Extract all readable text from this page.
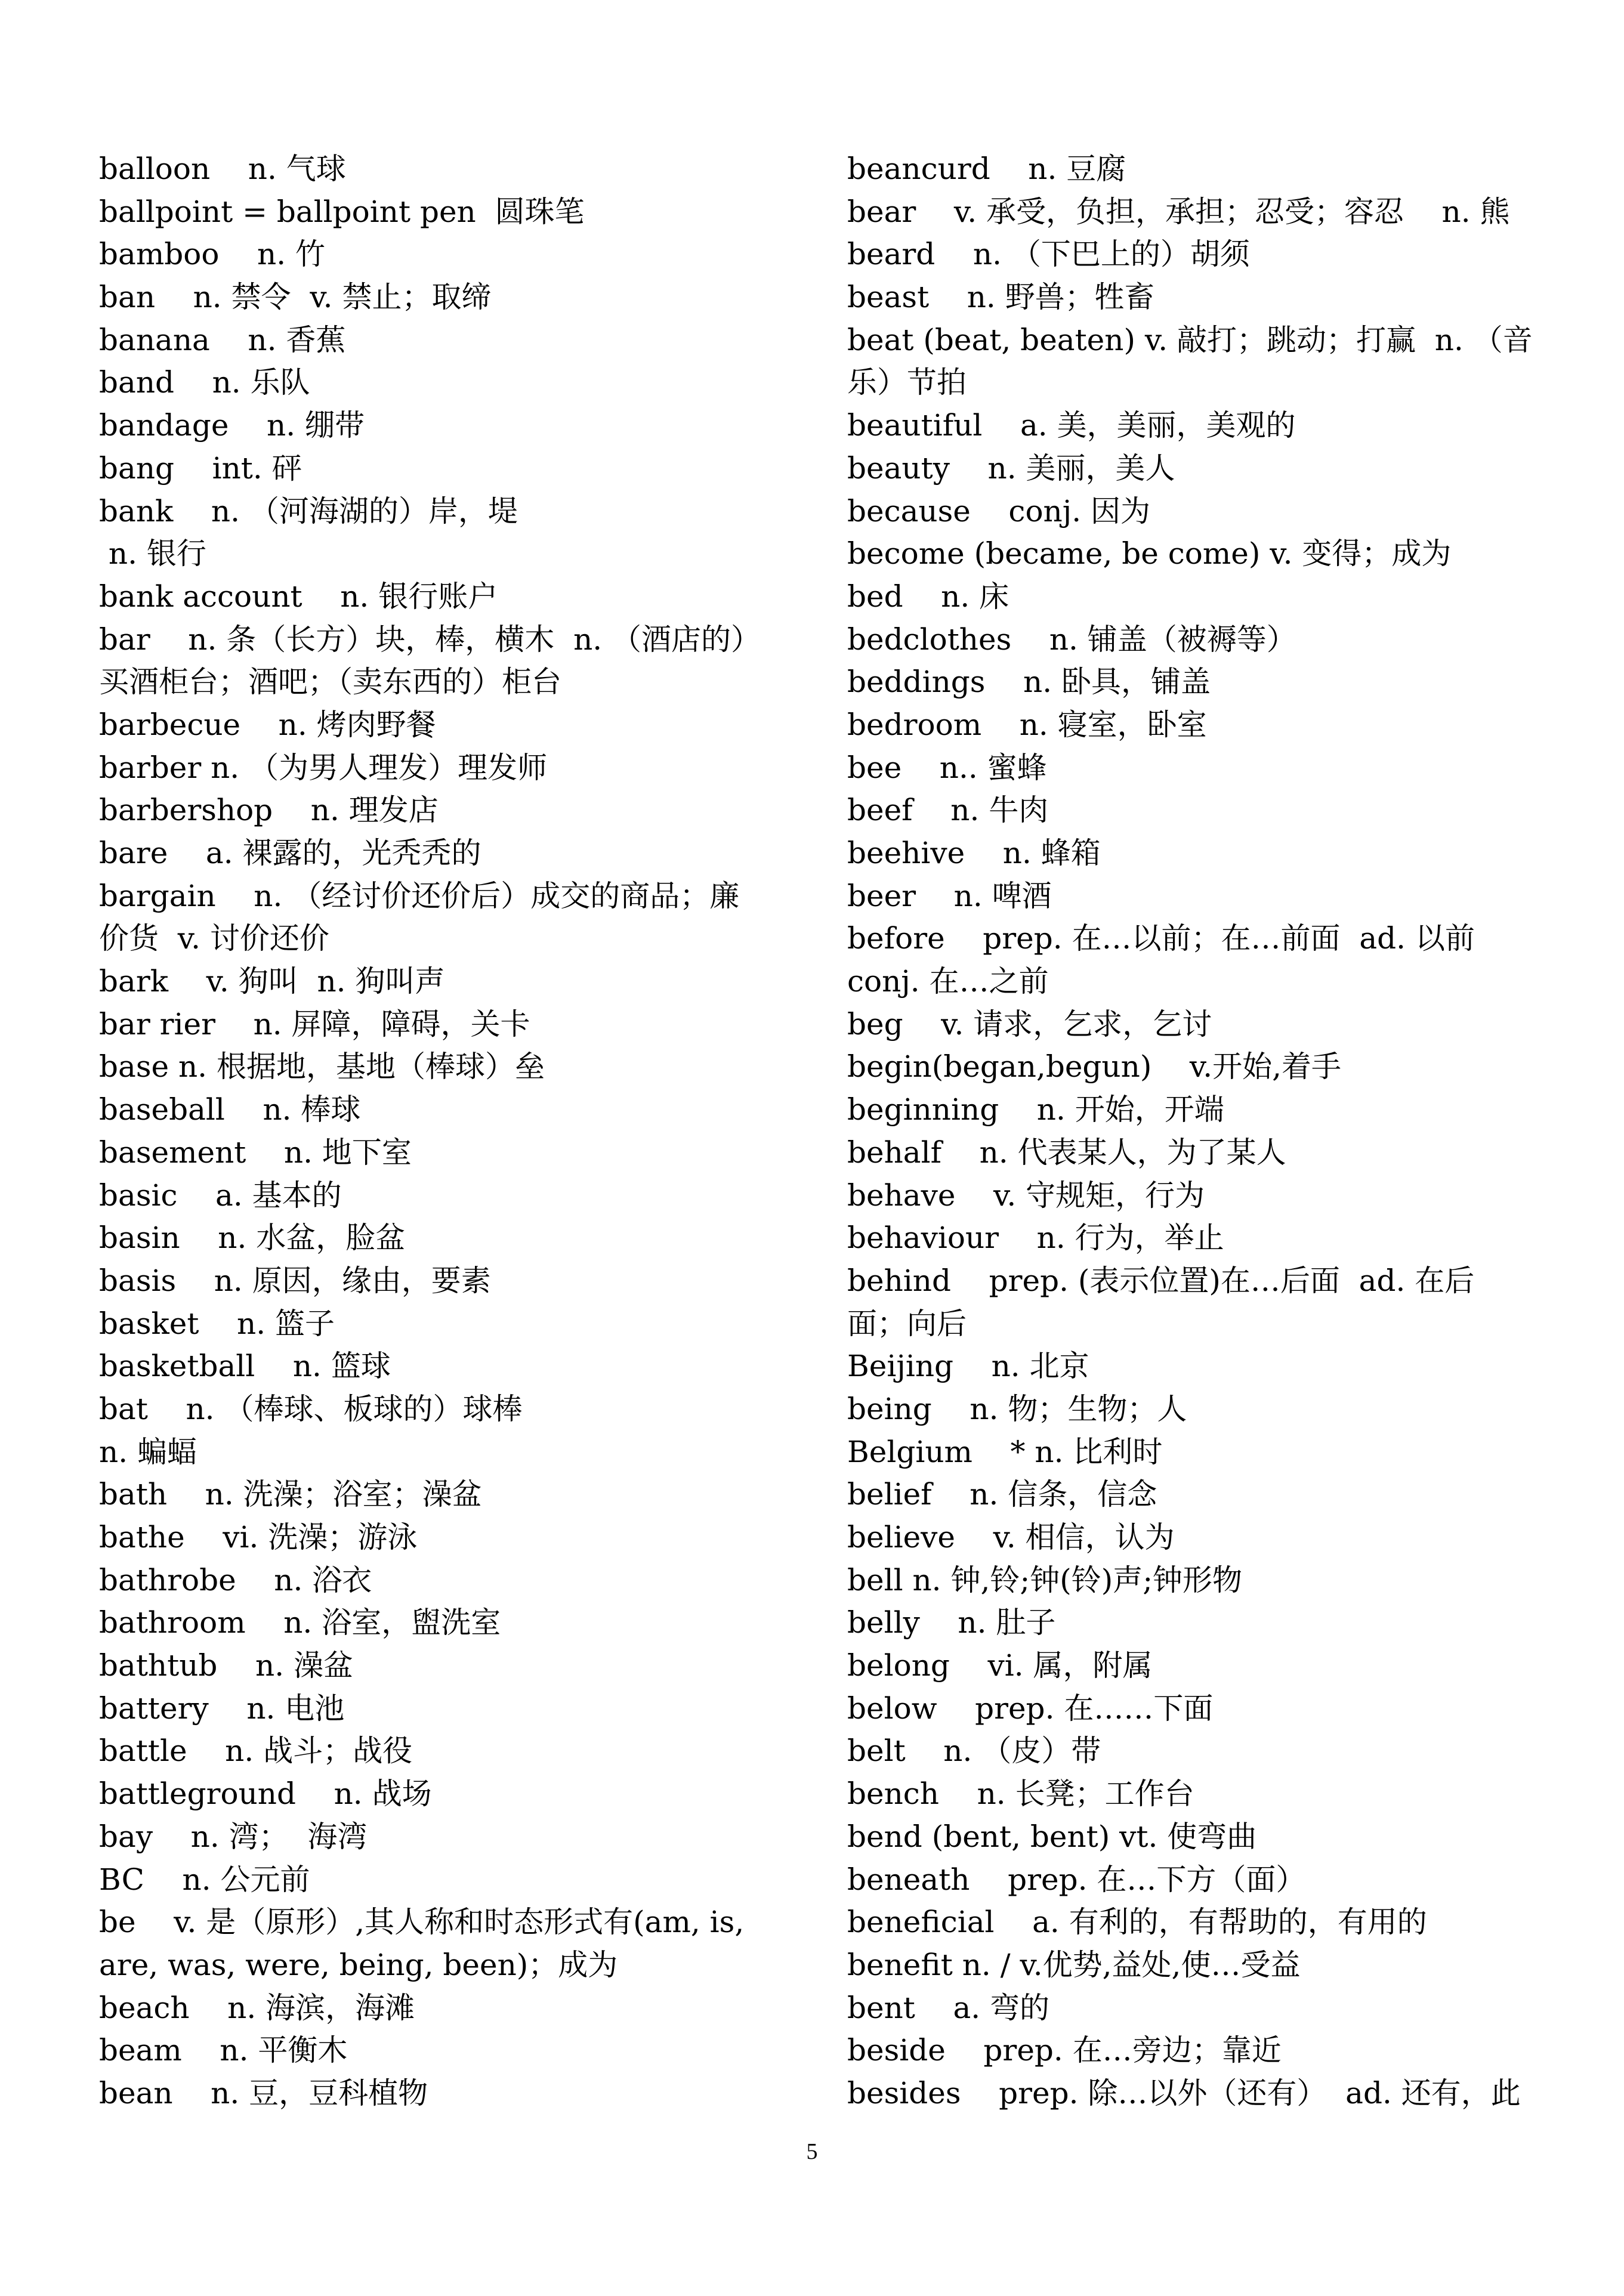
balloon    n. 气球
ballpoint = ballpoint pen  圆珠笔
bamboo    n. 竹
ban    n. 禁令  v. 禁止；取缔
banana    n. 香蕉
band    n. 乐队
bandage    n. 绷带
bang    int. 砰
bank    n. （河海湖的）岸，堤
n. 银行
bank account    n. 银行账户
bar    n. 条（长方）块，棒，横木  n. （酒店的）
买酒柜台；酒吧；（卖东西的）柜台
barbecue    n. 烤肉野餐
barber n. （为男人理发）理发师
barbershop    n. 理发店
bare    a. 裸露的，光秃秃的
bargain    n. （经讨价还价后）成交的商品；廉
价货  v. 讨价还价
bark    v. 狗叫  n. 狗叫声
bar rier    n. 屏障，障碍，关卡
base n. 根据地，基地（棒球）垒
baseball    n. 棒球
basement    n. 地下室
basic    a. 基本的
basin    n. 水盆，脸盆
basis    n. 原因，缘由，要素
basket    n. 篮子
basketball    n. 篮球
bat    n. （棒球、板球的）球棒
n. 蝙蝠
bath    n. 洗澡；浴室；澡盆
bathe    vi. 洗澡；游泳
bathrobe    n. 浴衣
bathroom    n. 浴室，盥洗室
bathtub    n. 澡盆
battery    n. 电池
battle    n. 战斗；战役
battleground    n. 战场
bay    n. 湾；  海湾
BC    n. 公元前
be    v. 是（原形）,其人称和时态形式有(am, is,
are, was, were, being, been)；成为
beach    n. 海滨，海滩
beam    n. 平衡木
bean    n. 豆，豆科植物
beancurd    n. 豆腐
bear    v. 承受，负担，承担；忍受；容忍    n. 熊
beard    n. （下巴上的）胡须
beast    n. 野兽；牲畜
beat (beat, beaten) v. 敲打；跳动；打赢  n. （音
乐）节拍
beautiful    a. 美，美丽，美观的
beauty    n. 美丽，美人
because    conj. 因为
become (became, be come) v. 变得；成为
bed    n. 床
bedclothes    n. 铺盖（被褥等）
beddings    n. 卧具，铺盖
bedroom    n. 寝室，卧室
bee    n.. 蜜蜂
beef    n. 牛肉
beehive    n. 蜂箱
beer    n. 啤酒
before    prep. 在…以前；在…前面  ad. 以前
conj. 在…之前
beg    v. 请求，乞求，乞讨
begin(began,begun)    v.开始,着手
beginning    n. 开始，开端
behalf    n. 代表某人，为了某人
behave    v. 守规矩，行为
behaviour    n. 行为，举止
behind    prep. (表示位置)在…后面  ad. 在后
面；向后
Beijing    n. 北京
being    n. 物；生物；人
Belgium    * n. 比利时
belief    n. 信条，信念
believe    v. 相信，认为
bell n. 钟,铃;钟(铃)声;钟形物
belly    n. 肚子
belong    vi. 属，附属
below    prep. 在……下面
belt    n. （皮）带
bench    n. 长凳；工作台
bend (bent, bent) vt. 使弯曲
beneath    prep. 在…下方（面）
beneficial    a. 有利的，有帮助的，有用的
benefit n. / v.优势,益处,使…受益
bent    a. 弯的
beside    prep. 在…旁边；靠近
besides    prep. 除…以外（还有）  ad. 还有，此
5
